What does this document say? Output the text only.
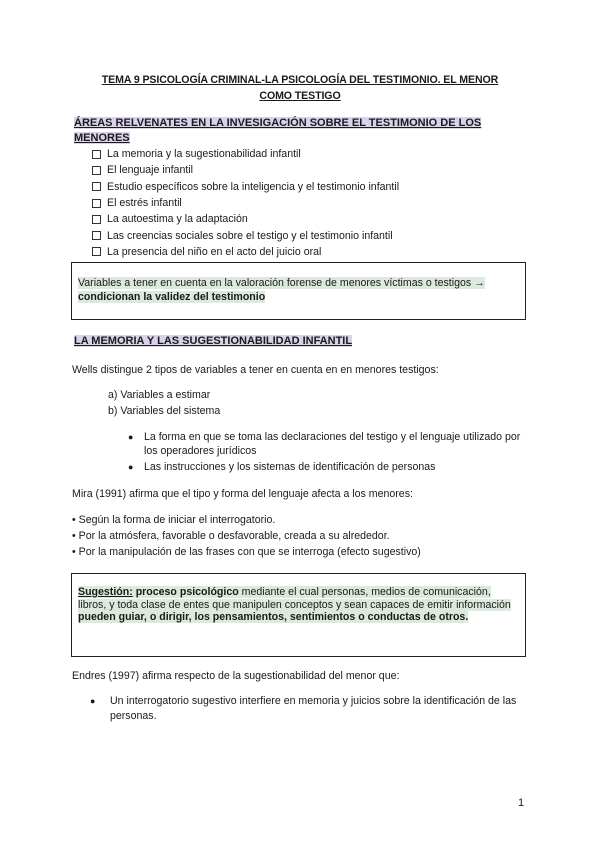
TEMA 9 PSICOLOGÍA CRIMINAL-LA PSICOLOGÍA DEL TESTIMONIO. EL MENOR
COMO TESTIGO
ÁREAS RELVENATES EN LA INVESIGACIÓN SOBRE EL TESTIMONIO DE LOS MENORES
La memoria y la sugestionabilidad infantil
El lenguaje infantil
Estudio específicos sobre la inteligencia y el testimonio infantil
El estrés infantil
La autoestima y la adaptación
Las creencias sociales sobre el testigo y el testimonio infantil
La presencia del niño en el acto del juicio oral
Variables a tener en cuenta en la valoración forense de menores víctimas o testigos →
condicionan la validez del testimonio
LA MEMORIA Y LAS SUGESTIONABILIDAD INFANTIL
Wells distingue 2 tipos de variables a tener en cuenta en en menores testigos:
a) Variables a estimar
b) Variables del sistema
● La forma en que se toma las declaraciones del testigo y el lenguaje utilizado por los operadores jurídicos
● Las instrucciones y los sistemas de identificación de personas
Mira (1991) afirma que el tipo y forma del lenguaje afecta a los menores:
• Según la forma de iniciar el interrogatorio.
• Por la atmósfera, favorable o desfavorable, creada a su alrededor.
• Por la manipulación de las frases con que se interroga (efecto sugestivo)
Sugestión: proceso psicológico mediante el cual personas, medios de comunicación, libros, y toda clase de entes que manipulen conceptos y sean capaces de emitir información pueden guiar, o dirigir, los pensamientos, sentimientos o conductas de otros.
Endres (1997) afirma respecto de la sugestionabilidad del menor que:
●	Un interrogatorio sugestivo interfiere en memoria y juicios sobre la identificación de las personas.
1
